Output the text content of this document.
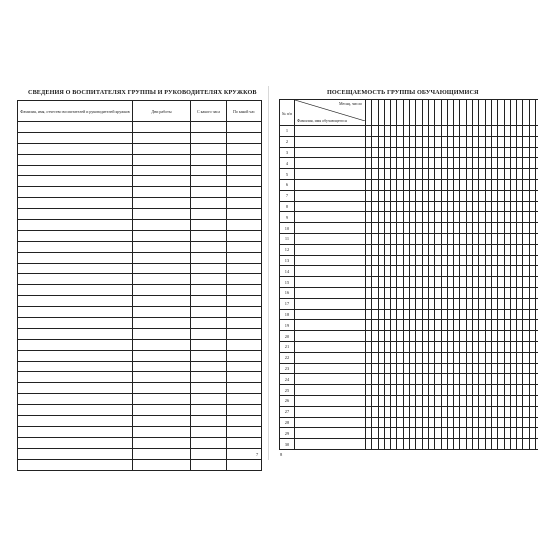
СВЕДЕНИЯ О ВОСПИТАТЕЛЯХ ГРУППЫ И РУКОВОДИТЕЛЯХ КРУЖКОВ
Фамилия, имя, отчество воспитателей и руководителей кружков	Дни работы	С какого часа	По какой час

7
ПОСЕЩАЕМОСТЬ ГРУППЫ ОБУЧАЮЩИМИСЯ
№ п/п	Месяц, число
Фамилия, имя обучающегося																														

1																															
2																															
3																															
4																															
5																															
6																															
7																															
8																															
9																															
10																															
11																															
12																															
13																															
14																															
15																															
16																															
17																															
18																															
19																															
20																															
21																															
22																															
23																															
24																															
25																															
26																															
27																															
28																															
29																															
30																															
8
